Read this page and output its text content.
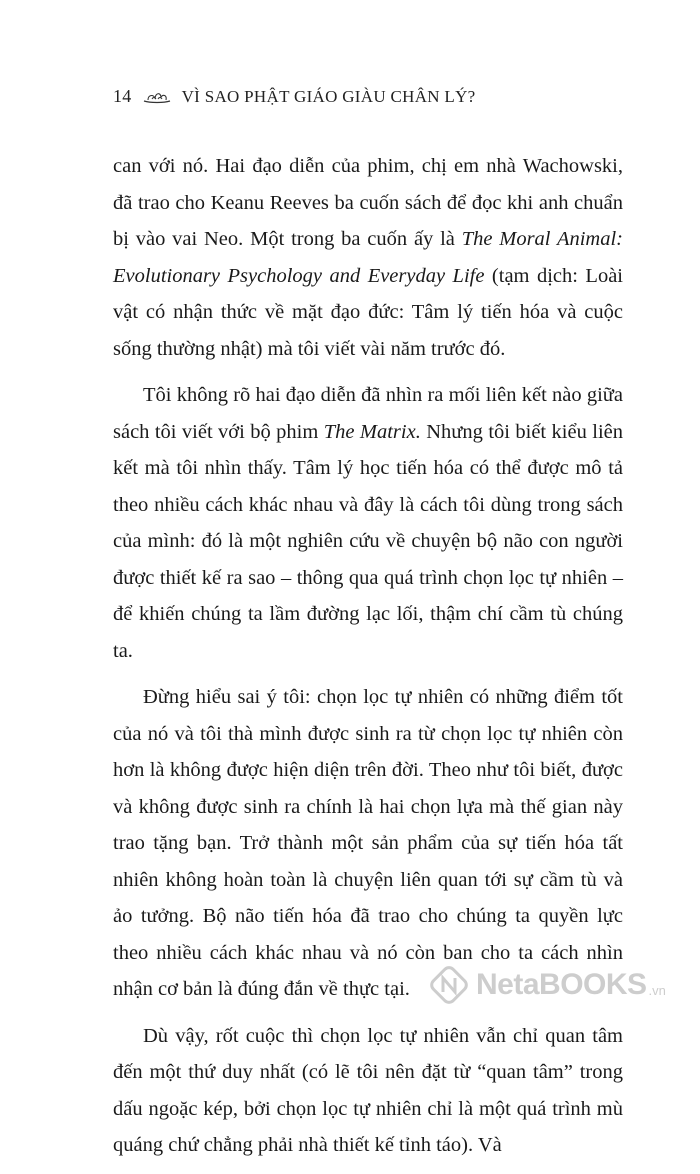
14	VÌ SAO PHẬT GIÁO GIÀU CHÂN LÝ?

can với nó. Hai đạo diễn của phim, chị em nhà Wachowski, đã trao cho Keanu Reeves ba cuốn sách để đọc khi anh chuẩn bị vào vai Neo. Một trong ba cuốn ấy là The Moral Animal: Evolutionary Psychology and Everyday Life (tạm dịch: Loài vật có nhận thức về mặt đạo đức: Tâm lý tiến hóa và cuộc sống thường nhật) mà tôi viết vài năm trước đó.

Tôi không rõ hai đạo diễn đã nhìn ra mối liên kết nào giữa sách tôi viết với bộ phim The Matrix. Nhưng tôi biết kiểu liên kết mà tôi nhìn thấy. Tâm lý học tiến hóa có thể được mô tả theo nhiều cách khác nhau và đây là cách tôi dùng trong sách của mình: đó là một nghiên cứu về chuyện bộ não con người được thiết kế ra sao – thông qua quá trình chọn lọc tự nhiên – để khiến chúng ta lầm đường lạc lối, thậm chí cầm tù chúng ta.

Đừng hiểu sai ý tôi: chọn lọc tự nhiên có những điểm tốt của nó và tôi thà mình được sinh ra từ chọn lọc tự nhiên còn hơn là không được hiện diện trên đời. Theo như tôi biết, được và không được sinh ra chính là hai chọn lựa mà thế gian này trao tặng bạn. Trở thành một sản phẩm của sự tiến hóa tất nhiên không hoàn toàn là chuyện liên quan tới sự cầm tù và ảo tưởng. Bộ não tiến hóa đã trao cho chúng ta quyền lực theo nhiều cách khác nhau và nó còn ban cho ta cách nhìn nhận cơ bản là đúng đắn về thực tại.

Dù vậy, rốt cuộc thì chọn lọc tự nhiên vẫn chỉ quan tâm đến một thứ duy nhất (có lẽ tôi nên đặt từ “quan tâm” trong dấu ngoặc kép, bởi chọn lọc tự nhiên chỉ là một quá trình mù quáng chứ chẳng phải nhà thiết kế tỉnh táo). Và

NetaBOOKS .vn
